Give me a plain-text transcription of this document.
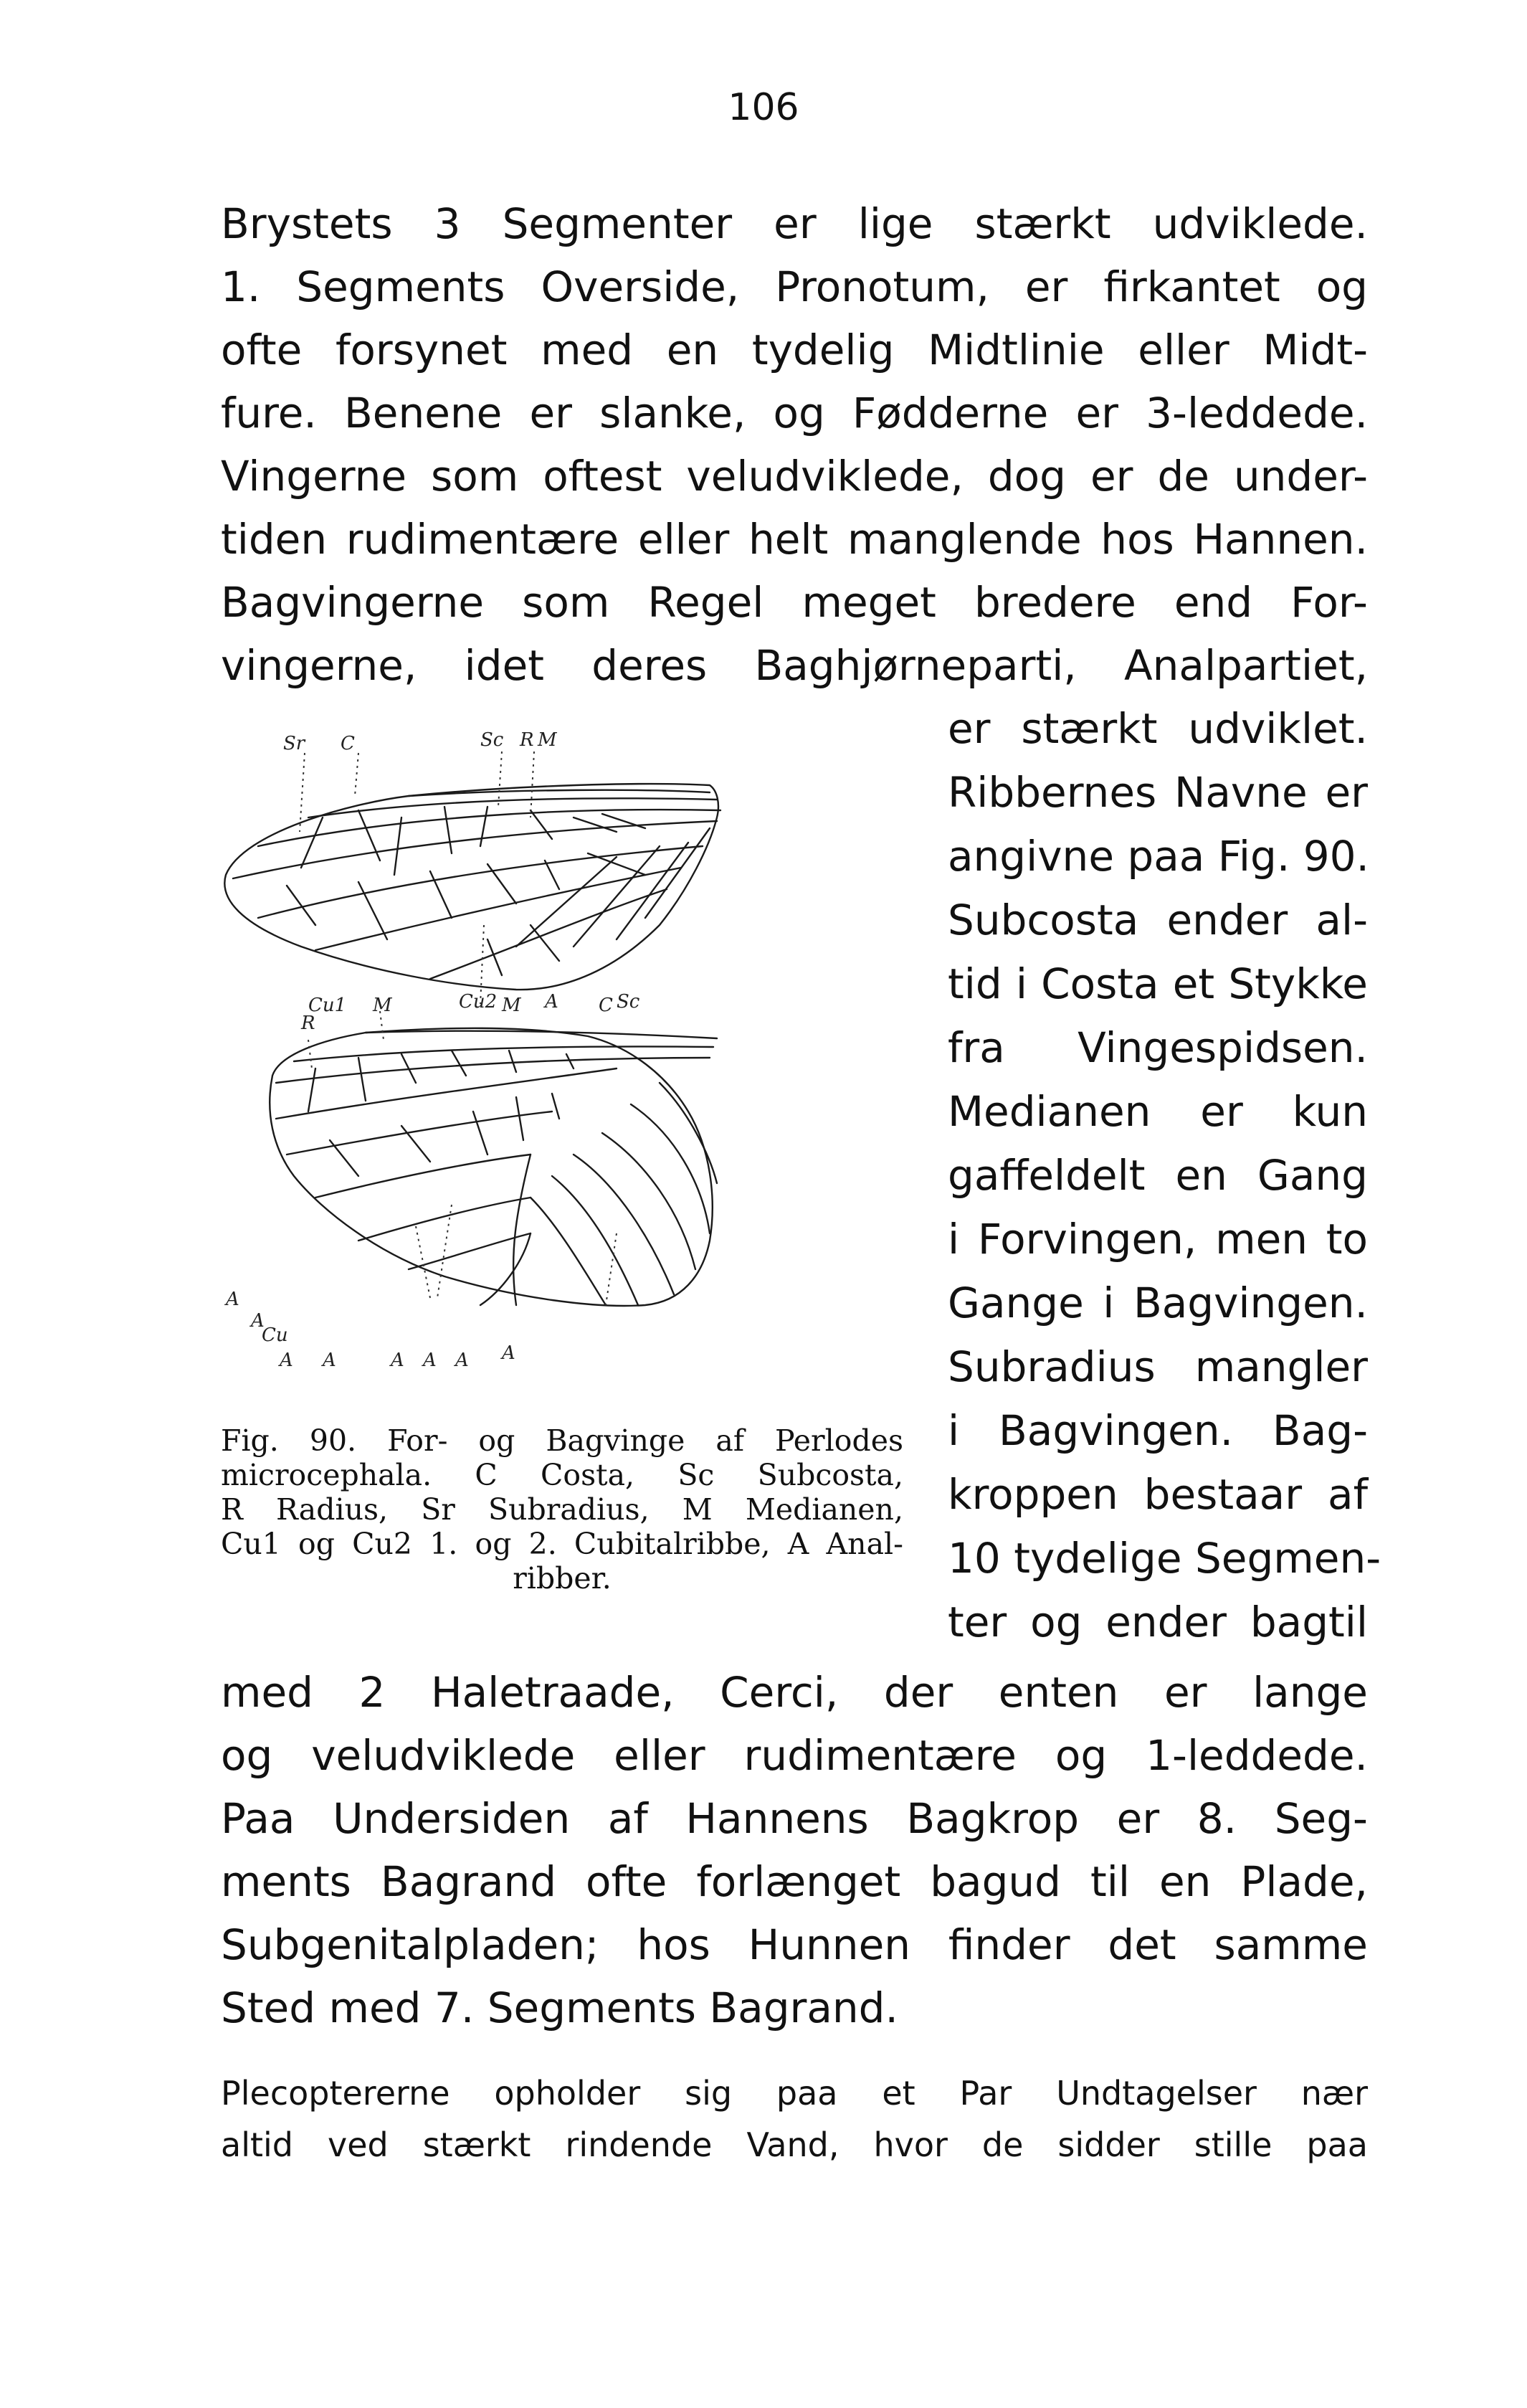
106
Brystets 3 Segmenter er lige stærkt udviklede.
1. Segments Overside, Pronotum, er firkantet og
ofte forsynet med en tydelig Midtlinie eller Midt-
fure. Benene er slanke, og Fødderne er 3-leddede.
Vingerne som oftest veludviklede, dog er de under-
tiden rudimentære eller helt manglende hos Hannen.
Bagvingerne som Regel meget bredere end For-
vingerne, idet deres Baghjørneparti, Analpartiet,
er stærkt udviklet.
Ribbernes Navne er
angivne paa Fig. 90.
Subcosta ender al-
tid i Costa et Stykke
fra Vingespidsen.
Medianen er kun
gaffeldelt en Gang
i Forvingen, men to
Gange i Bagvingen.
Subradius mangler
i Bagvingen. Bag-
kroppen bestaar af
10 tydelige Segmen-
ter og ender bagtil
Sr C	Sc R M
Cu1 M	Cu2 M A C Sc
R
A
A
Cu
A A	A A A A
Fig. 90. For- og Bagvinge af Perlodes
microcephala. C Costa, Sc Subcosta,
R Radius, Sr Subradius, M Medianen,
Cu1 og Cu2 1. og 2. Cubitalribbe, A Anal-
ribber.
med 2 Haletraade, Cerci, der enten er lange
og veludviklede eller rudimentære og 1-leddede.
Paa Undersiden af Hannens Bagkrop er 8. Seg-
ments Bagrand ofte forlænget bagud til en Plade,
Subgenitalpladen; hos Hunnen finder det samme
Sted med 7. Segments Bagrand.
Plecoptererne opholder sig paa et Par Undtagelser nær
altid ved stærkt rindende Vand, hvor de sidder stille paa
